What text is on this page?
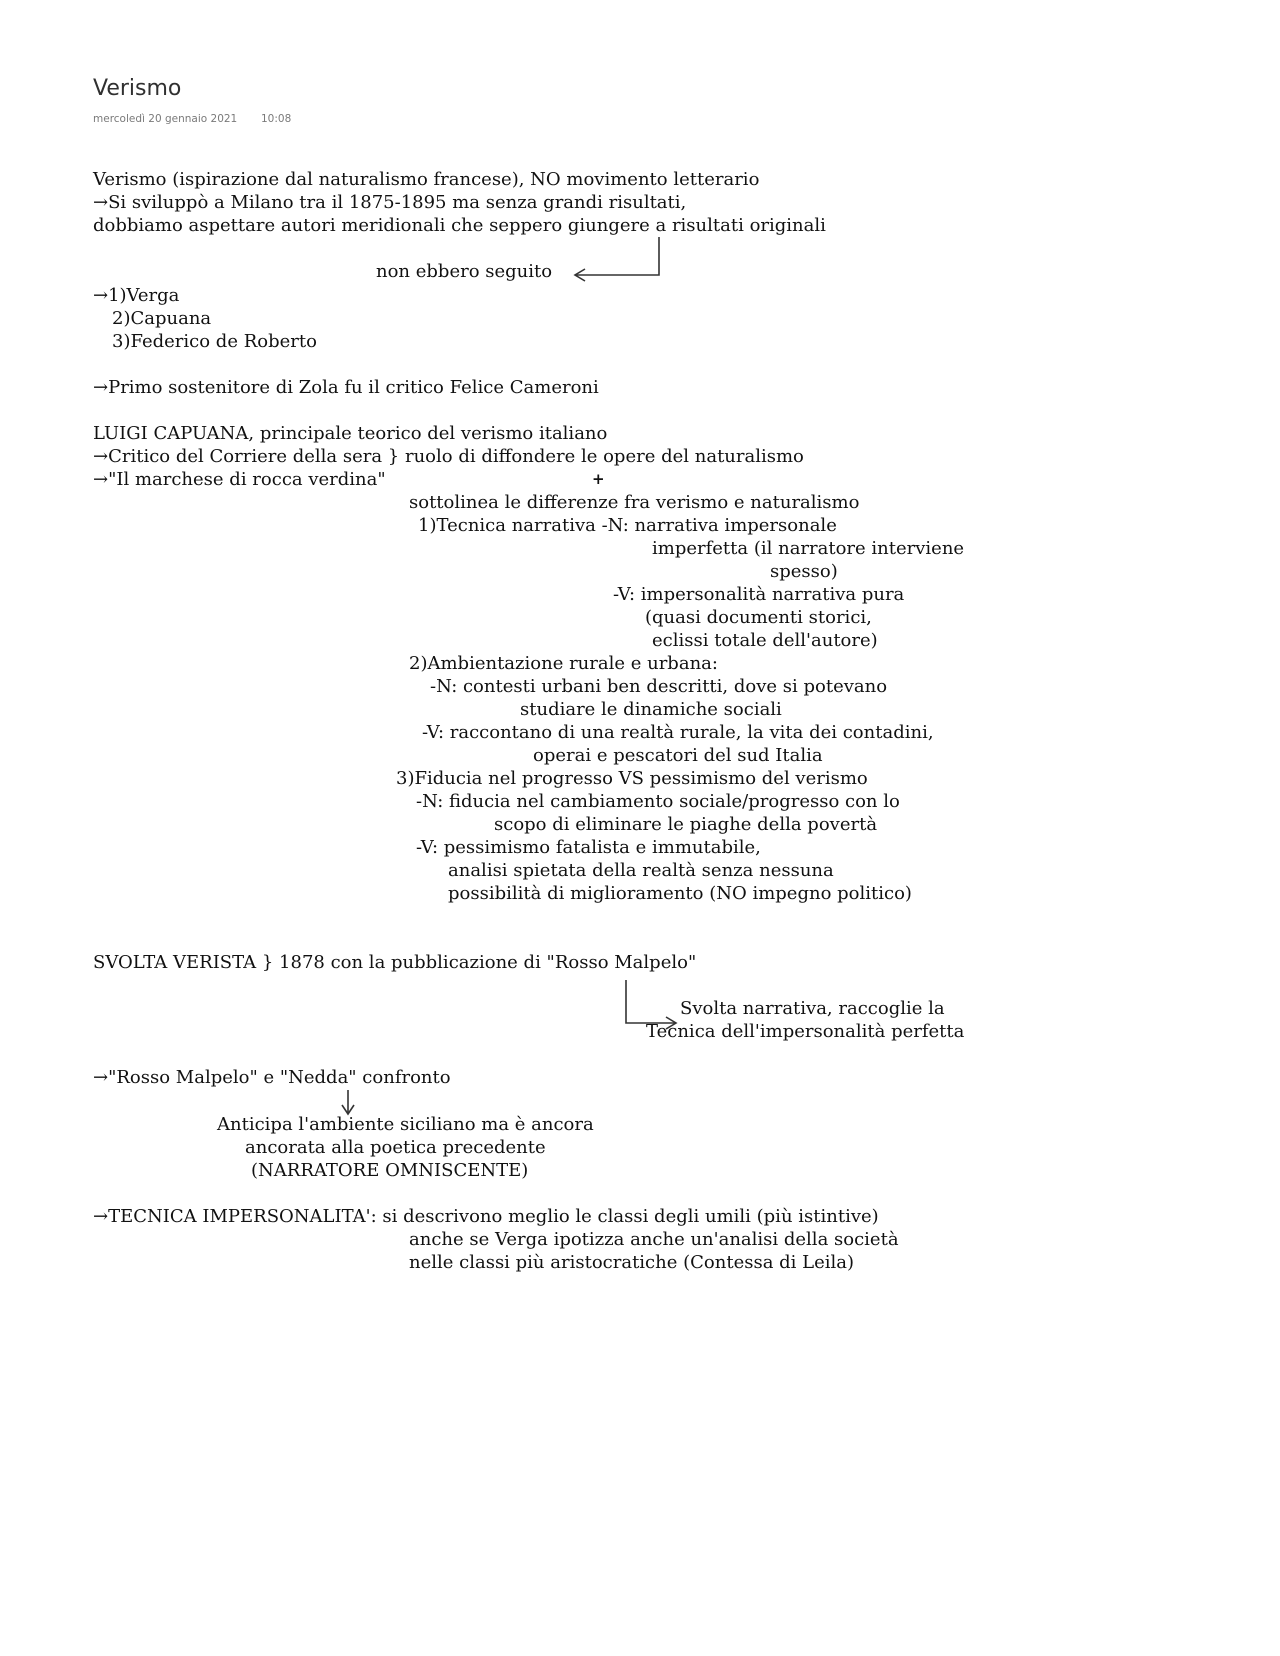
Verismo
mercoledì 20 gennaio 2021 10:08
Verismo (ispirazione dal naturalismo francese), NO movimento letterario
→Si sviluppò a Milano tra il 1875-1895 ma senza grandi risultati,
dobbiamo aspettare autori meridionali che seppero giungere a risultati originali
non ebbero seguito
→1)Verga
2)Capuana
3)Federico de Roberto
→Primo sostenitore di Zola fu il critico Felice Cameroni
LUIGI CAPUANA, principale teorico del verismo italiano
→Critico del Corriere della sera } ruolo di diffondere le opere del naturalismo
→"Il marchese di rocca verdina"	+
sottolinea le differenze fra verismo e naturalismo
1)Tecnica narrativa -N: narrativa impersonale
imperfetta (il narratore interviene
spesso)
-V: impersonalità narrativa pura
(quasi documenti storici,
eclissi totale dell'autore)
2)Ambientazione rurale e urbana:
-N: contesti urbani ben descritti, dove si potevano
studiare le dinamiche sociali
-V: raccontano di una realtà rurale, la vita dei contadini,
operai e pescatori del sud Italia
3)Fiducia nel progresso VS pessimismo del verismo
-N: fiducia nel cambiamento sociale/progresso con lo
scopo di eliminare le piaghe della povertà
-V: pessimismo fatalista e immutabile,
analisi spietata della realtà senza nessuna
possibilità di miglioramento (NO impegno politico)
SVOLTA VERISTA } 1878 con la pubblicazione di "Rosso Malpelo"
Svolta narrativa, raccoglie la
Tecnica dell'impersonalità perfetta
→"Rosso Malpelo" e "Nedda" confronto
Anticipa l'ambiente siciliano ma è ancora
ancorata alla poetica precedente
(NARRATORE OMNISCENTE)
→TECNICA IMPERSONALITA': si descrivono meglio le classi degli umili (più istintive)
anche se Verga ipotizza anche un'analisi della società
nelle classi più aristocratiche (Contessa di Leila)
